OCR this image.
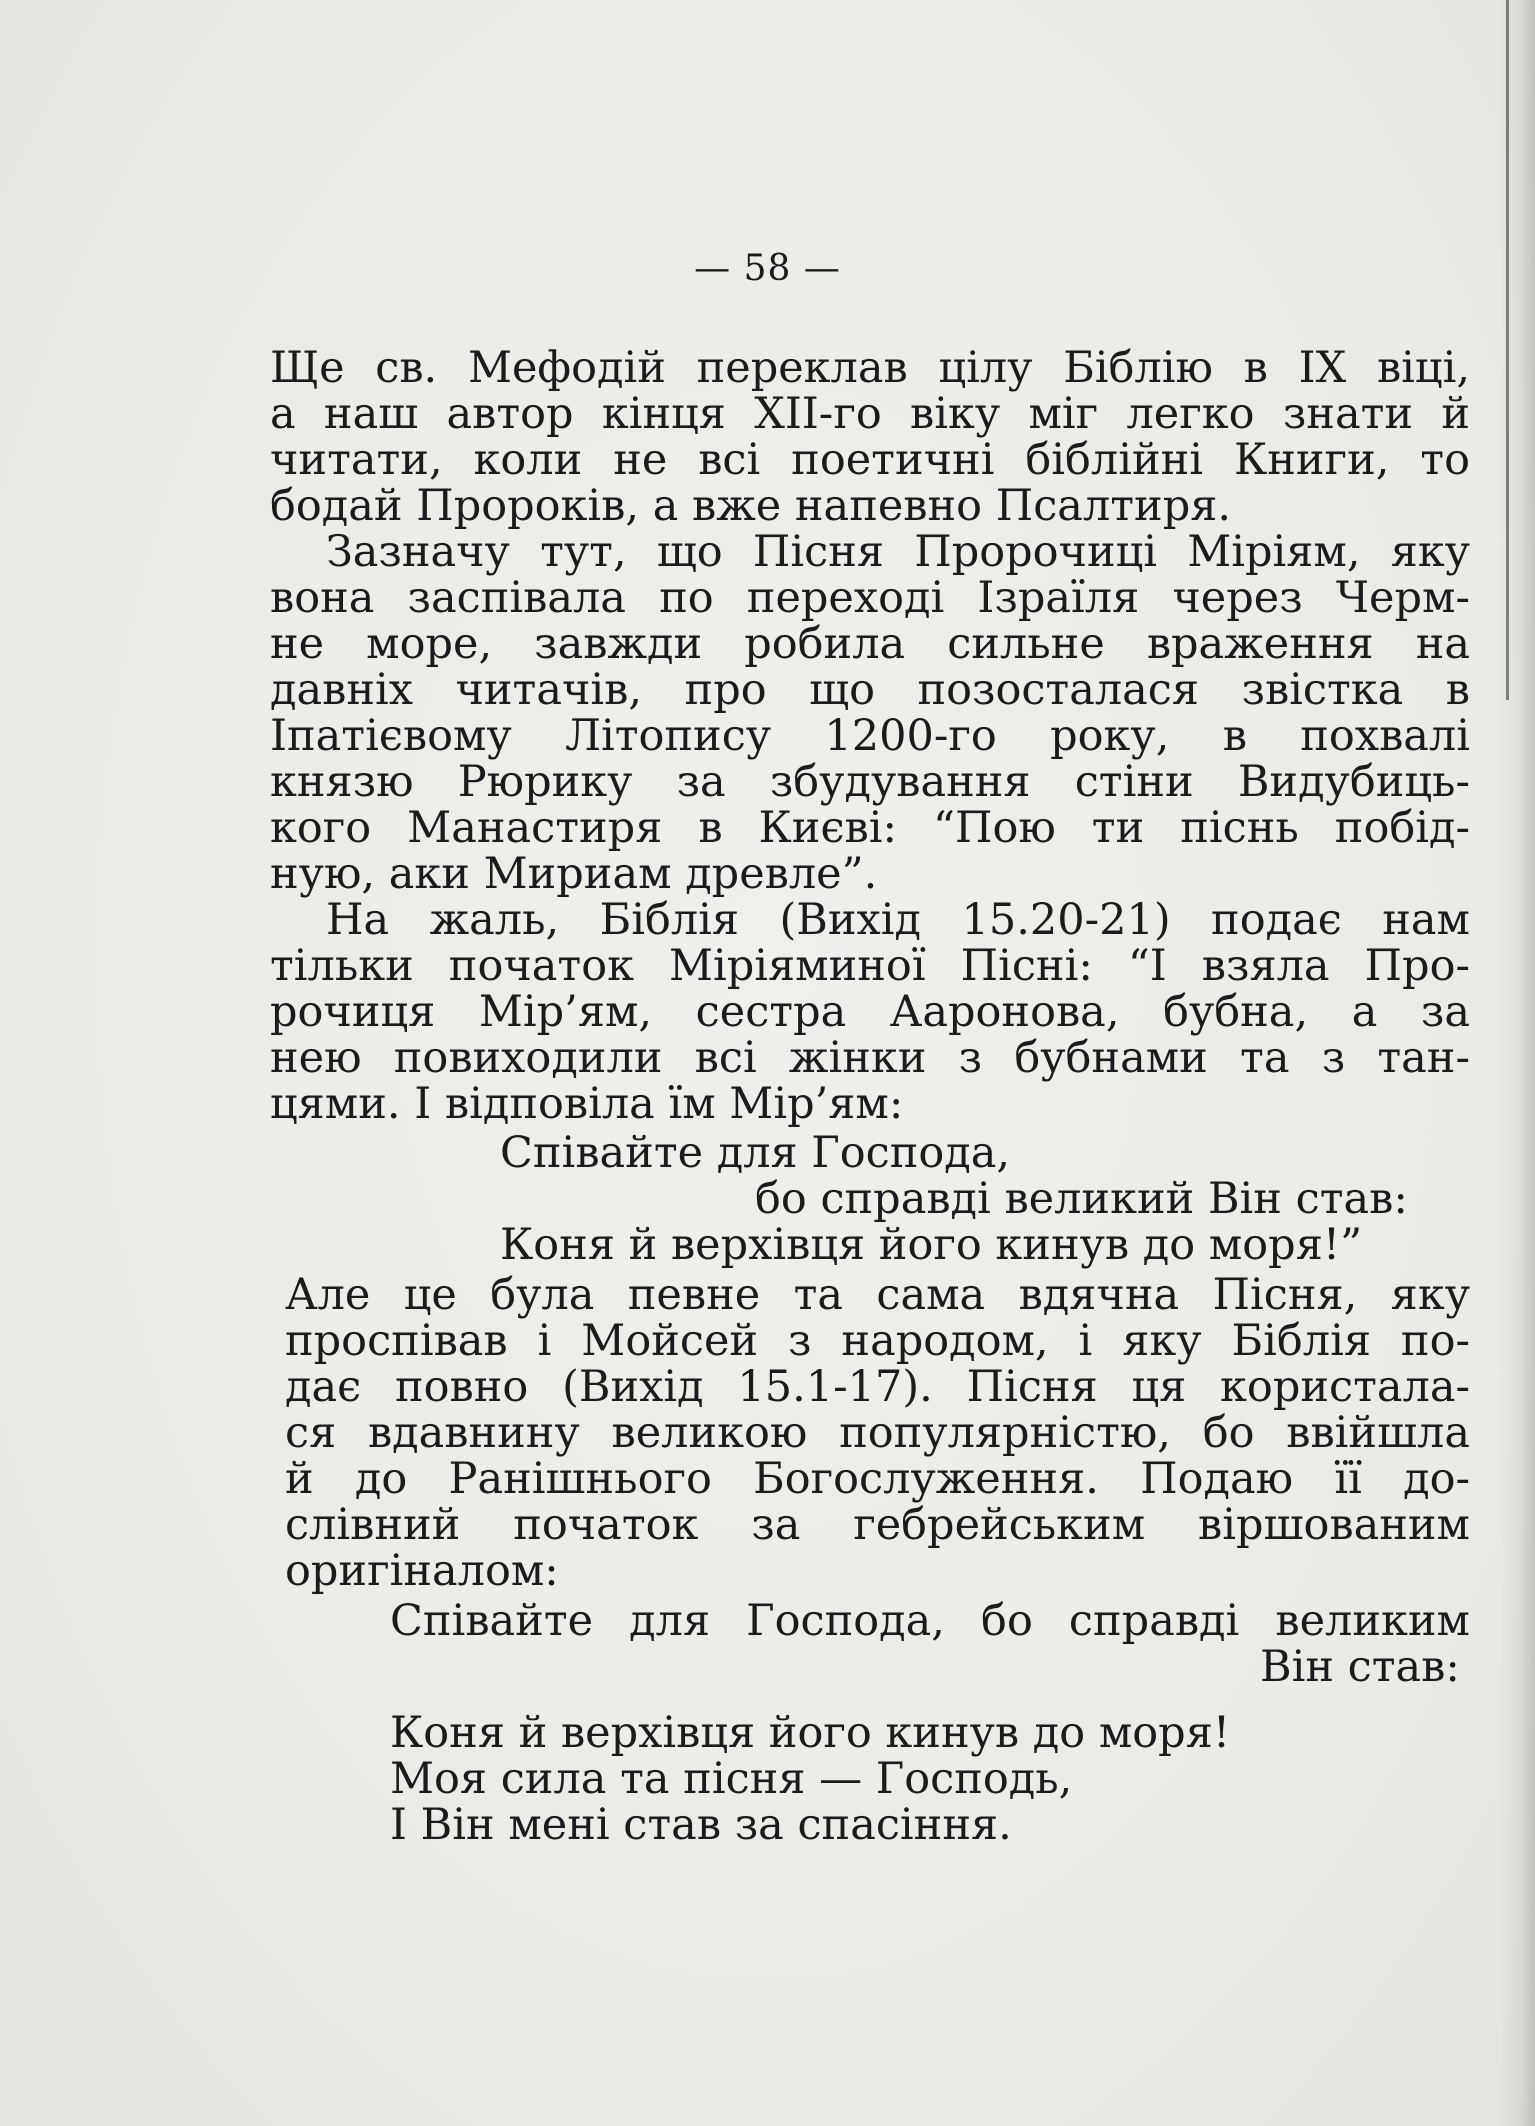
— 58 —
Ще св. Мефодій переклав цілу Біблію в ІХ віці,
а наш автор кінця ХІІ-го віку міг легко знати й
читати, коли не всі поетичні біблійні Книги, то
бодай Пророків, а вже напевно Псалтиря.
Зазначу тут, що Пісня Пророчиці Міріям, яку
вона заспівала по переході Ізраїля через Черм-
не море, завжди робила сильне враження на
давніх читачів, про що позосталася звістка в
Іпатієвому Літопису 1200-го року, в похвалі
князю Рюрику за збудування стіни Видубиць-
кого Манастиря в Києві: “Пою ти піснь побід-
ную, аки Мириам древле”.
На жаль, Біблія (Вихід 15.20-21) подає нам
тільки початок Міріяминої Пісні: “І взяла Про-
рочиця Мір’ям, сестра Ааронова, бубна, а за
нею повиходили всі жінки з бубнами та з тан-
цями. І відповіла їм Мір’ям:
Співайте для Господа,
бо справді великий Він став:
Коня й верхівця його кинув до моря!”
Але це була певне та сама вдячна Пісня, яку
проспівав і Мойсей з народом, і яку Біблія по-
дає повно (Вихід 15.1-17). Пісня ця користала-
ся вдавнину великою популярністю, бо ввійшла
й до Ранішнього Богослуження. Подаю її до-
слівний початок за гебрейським віршованим
оригіналом:
Співайте для Господа, бо справді великим
Він став:
Коня й верхівця його кинув до моря!
Моя сила та пісня — Господь,
І Він мені став за спасіння.
